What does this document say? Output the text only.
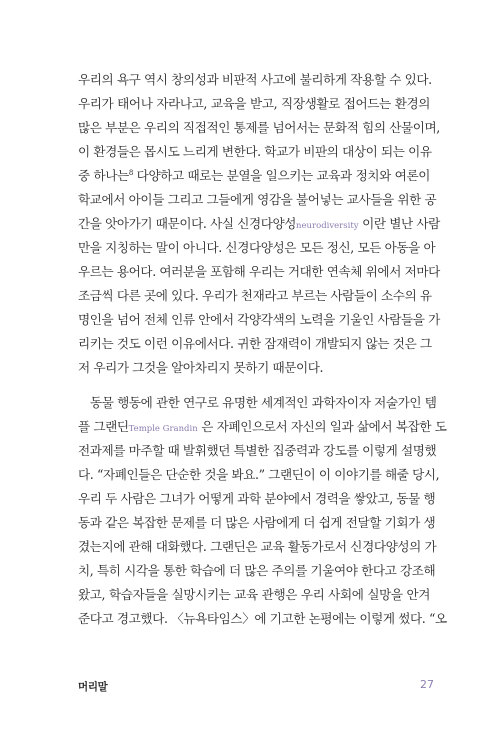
우리의 욕구 역시 창의성과 비판적 사고에 불리하게 작용할 수 있다.
우리가 태어나 자라나고, 교육을 받고, 직장생활로 접어드는 환경의
많은 부분은 우리의 직접적인 통제를 넘어서는 문화적 힘의 산물이며,
이 환경들은 몹시도 느리게 변한다. 학교가 비판의 대상이 되는 이유
중 하나는$^8$ 다양하고 때로는 분열을 일으키는 교육과 정치와 여론이
학교에서 아이들 그리고 그들에게 영감을 불어넣는 교사들을 위한 공
간을 앗아가기 때문이다. 사실 신경다양성neurodiversity 이란 별난 사람
만을 지칭하는 말이 아니다. 신경다양성은 모든 정신, 모든 아동을 아
우르는 용어다. 여러분을 포함해 우리는 거대한 연속체 위에서 저마다
조금씩 다른 곳에 있다. 우리가 천재라고 부르는 사람들이 소수의 유
명인을 넘어 전체 인류 안에서 각양각색의 노력을 기울인 사람들을 가
리키는 것도 이런 이유에서다. 귀한 잠재력이 개발되지 않는 것은 그
저 우리가 그것을 알아차리지 못하기 때문이다.
동물 행동에 관한 연구로 유명한 세계적인 과학자이자 저술가인 템
플 그랜딘Temple Grandin 은 자폐인으로서 자신의 일과 삶에서 복잡한 도
전과제를 마주할 때 발휘했던 특별한 집중력과 강도를 이렇게 설명했
다. “자폐인들은 단순한 것을 봐요.” 그랜딘이 이 이야기를 해줄 당시,
우리 두 사람은 그녀가 어떻게 과학 분야에서 경력을 쌓았고, 동물 행
동과 같은 복잡한 문제를 더 많은 사람에게 더 쉽게 전달할 기회가 생
겼는지에 관해 대화했다. 그랜딘은 교육 활동가로서 신경다양성의 가
치, 특히 시각을 통한 학습에 더 많은 주의를 기울여야 한다고 강조해
왔고, 학습자들을 실망시키는 교육 관행은 우리 사회에 실망을 안겨
준다고 경고했다. 〈뉴욕타임스〉에 기고한 논평에는 이렇게 썼다. “오
머리말	27
